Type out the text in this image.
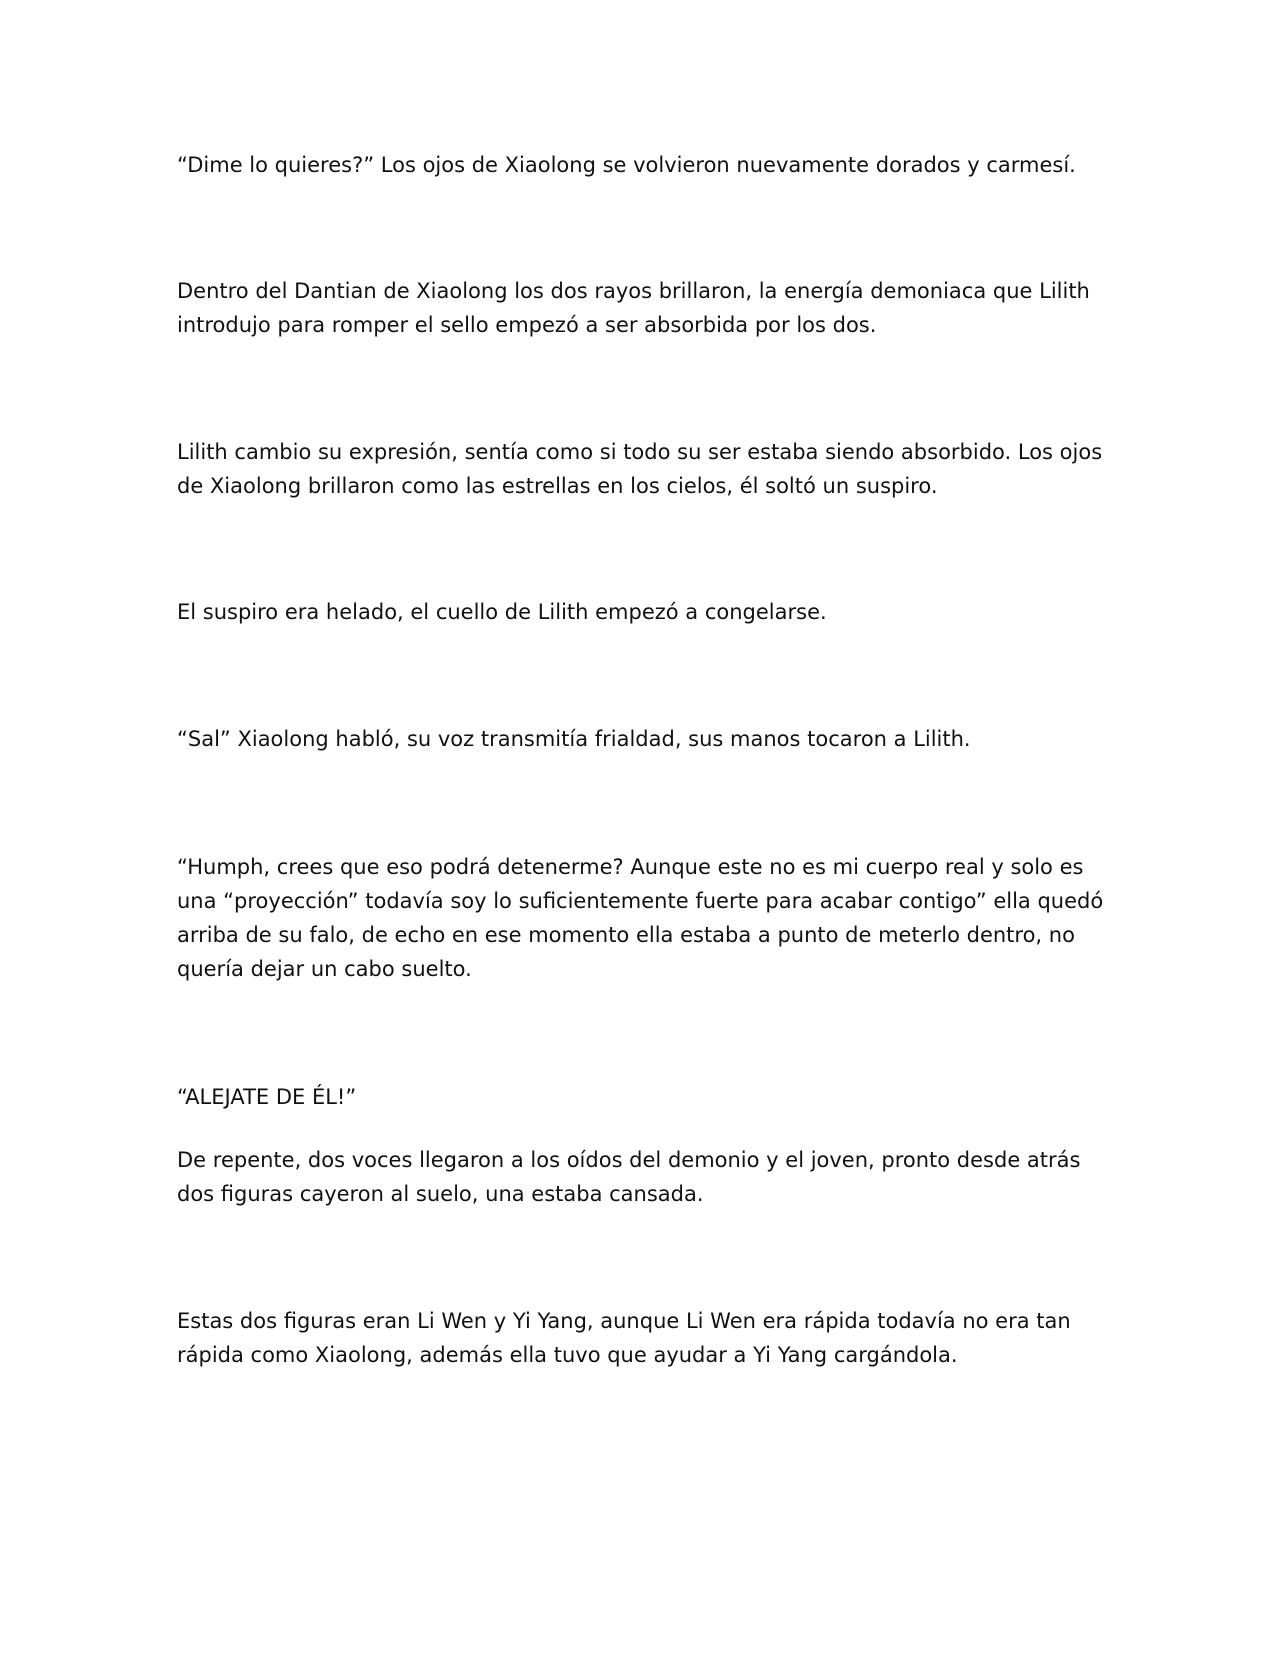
“Dime lo quieres?” Los ojos de Xiaolong se volvieron nuevamente dorados y carmesí.

Dentro del Dantian de Xiaolong los dos rayos brillaron, la energía demoniaca que Lilith introdujo para romper el sello empezó a ser absorbida por los dos.

Lilith cambio su expresión, sentía como si todo su ser estaba siendo absorbido. Los ojos de Xiaolong brillaron como las estrellas en los cielos, él soltó un suspiro.

El suspiro era helado, el cuello de Lilith empezó a congelarse.

“Sal” Xiaolong habló, su voz transmitía frialdad, sus manos tocaron a Lilith.

“Humph, crees que eso podrá detenerme? Aunque este no es mi cuerpo real y solo es una “proyección” todavía soy lo suficientemente fuerte para acabar contigo” ella quedó arriba de su falo, de echo en ese momento ella estaba a punto de meterlo dentro, no quería dejar un cabo suelto.

“ALEJATE DE ÉL!”

De repente, dos voces llegaron a los oídos del demonio y el joven, pronto desde atrás dos figuras cayeron al suelo, una estaba cansada.

Estas dos figuras eran Li Wen y Yi Yang, aunque Li Wen era rápida todavía no era tan rápida como Xiaolong, además ella tuvo que ayudar a Yi Yang cargándola.
